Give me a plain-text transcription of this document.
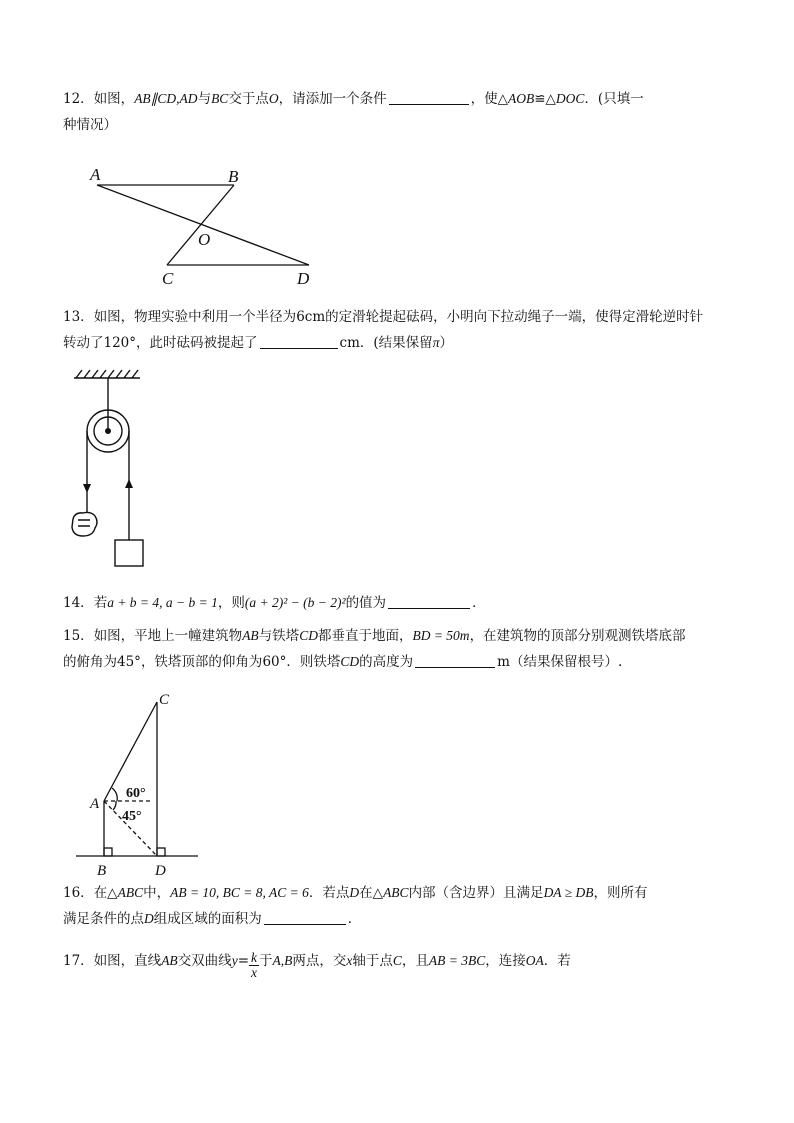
12．如图，AB∥CD,AD与BC交于点O，请添加一个条件	，使△AOB≌△DOC．(只填一
种情况）
A	B
O
C	D
13．如图，物理实验中利用一个半径为6cm的定滑轮提起砝码，小明向下拉动绳子一端，使得定滑轮逆时针
转动了120°，此时砝码被提起了	cm．(结果保留π）
14．若a + b = 4, a − b = 1，则(a + 2)² − (b − 2)²的值为	．
15．如图，平地上一幢建筑物AB与铁塔CD都垂直于地面，BD = 50m，在建筑物的顶部分别观测铁塔底部
的俯角为45°，铁塔顶部的仰角为60°．则铁塔CD的高度为	m（结果保留根号）.
C
A
60°
45°
B	D
16．在△ABC中，AB = 10, BC = 8, AC = 6．若点D在△ABC内部（含边界）且满足DA ≥ DB，则所有
满足条件的点D组成区域的面积为	．
17．如图，直线AB交双曲线$y= \frac{k}{x}$ 于A,B两点，交x轴于点C，且AB = 3BC，连接OA．若
